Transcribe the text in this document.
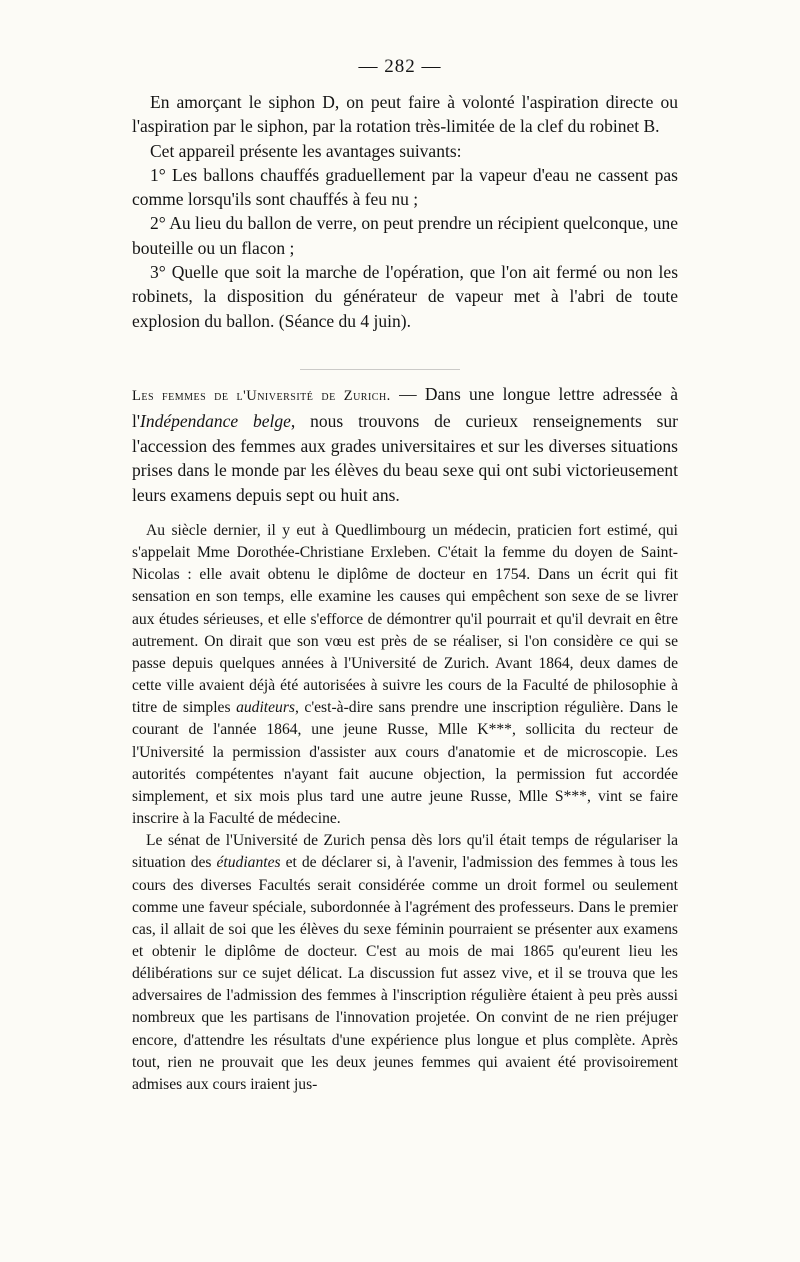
— 282 —

En amorçant le siphon D, on peut faire à volonté l'aspiration directe ou l'aspiration par le siphon, par la rotation très-limitée de la clef du robinet B.

Cet appareil présente les avantages suivants:

1° Les ballons chauffés graduellement par la vapeur d'eau ne cassent pas comme lorsqu'ils sont chauffés à feu nu ;

2° Au lieu du ballon de verre, on peut prendre un récipient quelconque, une bouteille ou un flacon ;

3° Quelle que soit la marche de l'opération, que l'on ait fermé ou non les robinets, la disposition du générateur de vapeur met à l'abri de toute explosion du ballon. (Séance du 4 juin).

Les femmes de l'Université de Zurich. — Dans une longue lettre adressée à l'Indépendance belge, nous trouvons de curieux renseignements sur l'accession des femmes aux grades universitaires et sur les diverses situations prises dans le monde par les élèves du beau sexe qui ont subi victorieusement leurs examens depuis sept ou huit ans.

Au siècle dernier, il y eut à Quedlimbourg un médecin, praticien fort estimé, qui s'appelait Mme Dorothée-Christiane Erxleben. C'était la femme du doyen de Saint-Nicolas : elle avait obtenu le diplôme de docteur en 1754. Dans un écrit qui fit sensation en son temps, elle examine les causes qui empêchent son sexe de se livrer aux études sérieuses, et elle s'efforce de démontrer qu'il pourrait et qu'il devrait en être autrement. On dirait que son vœu est près de se réaliser, si l'on considère ce qui se passe depuis quelques années à l'Université de Zurich. Avant 1864, deux dames de cette ville avaient déjà été autorisées à suivre les cours de la Faculté de philosophie à titre de simples auditeurs, c'est-à-dire sans prendre une inscription régulière. Dans le courant de l'année 1864, une jeune Russe, Mlle K***, sollicita du recteur de l'Université la permission d'assister aux cours d'anatomie et de microscopie. Les autorités compétentes n'ayant fait aucune objection, la permission fut accordée simplement, et six mois plus tard une autre jeune Russe, Mlle S***, vint se faire inscrire à la Faculté de médecine.

Le sénat de l'Université de Zurich pensa dès lors qu'il était temps de régulariser la situation des étudiantes et de déclarer si, à l'avenir, l'admission des femmes à tous les cours des diverses Facultés serait considérée comme un droit formel ou seulement comme une faveur spéciale, subordonnée à l'agrément des professeurs. Dans le premier cas, il allait de soi que les élèves du sexe féminin pourraient se présenter aux examens et obtenir le diplôme de docteur. C'est au mois de mai 1865 qu'eurent lieu les délibérations sur ce sujet délicat. La discussion fut assez vive, et il se trouva que les adversaires de l'admission des femmes à l'inscription régulière étaient à peu près aussi nombreux que les partisans de l'innovation projetée. On convint de ne rien préjuger encore, d'attendre les résultats d'une expérience plus longue et plus complète. Après tout, rien ne prouvait que les deux jeunes femmes qui avaient été provisoirement admises aux cours iraient jus-
